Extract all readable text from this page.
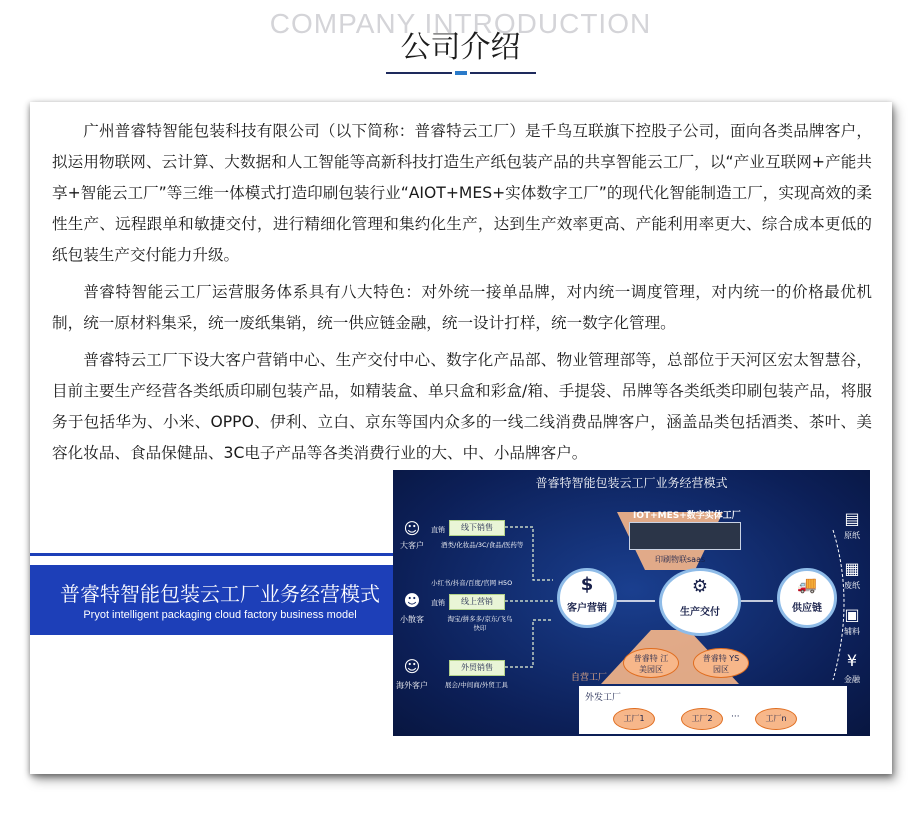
COMPANY INTRODUCTION
公司介绍

广州普睿特智能包装科技有限公司（以下简称：普睿特云工厂）是千鸟互联旗下控股子公司，面向各类品牌客户，拟运用物联网、云计算、大数据和人工智能等高新科技打造生产纸包装产品的共享智能云工厂，以“产业互联网+产能共享+智能云工厂”等三维一体模式打造印刷包装行业“AIOT+MES+实体数字工厂”的现代化智能制造工厂，实现高效的柔性生产、远程跟单和敏捷交付，进行精细化管理和集约化生产，达到生产效率更高、产能利用率更大、综合成本更低的纸包装生产交付能力升级。

普睿特智能云工厂运营服务体系具有八大特色：对外统一接单品牌，对内统一调度管理，对内统一的价格最优机制，统一原材料集采，统一废纸集销，统一供应链金融，统一设计打样，统一数字化管理。

普睿特云工厂下设大客户营销中心、生产交付中心、数字化产品部、物业管理部等，总部位于天河区宏太智慧谷，目前主要生产经营各类纸质印刷包装产品，如精装盒、单只盒和彩盒/箱、手提袋、吊牌等各类纸类印刷包装产品，将服务于包括华为、小米、OPPO、伊利、立白、京东等国内众多的一线二线消费品牌客户，涵盖品类包括酒类、茶叶、美容化妆品、食品保健品、3C电子产品等各类消费行业的大、中、小品牌客户。

普睿特智能包装云工厂业务经营模式
Pryot intelligent packaging cloud factory business model
普睿特智能包装云工厂业务经营模式
☺
大客户
直销	线下销售
酒类/化妆品/3C/食品/医药等
小红书/抖音/百度/官网 H5O
☻
小散客
直销	线上营销
淘宝/拼多多/京东/飞鸟快印
☺
海外客户
外贸销售
展会/中间商/外贸工具
IOT+MES+数字实体工厂
印刷物联saas
$
客户营销
⚙
生产交付
🚚
供应链
▤
原纸
▦
废纸
▣
辅料
¥
金融
普睿特 江美园区
普睿特 YS园区
自营工厂
外发工厂
工厂1	工厂2	···	工厂n
